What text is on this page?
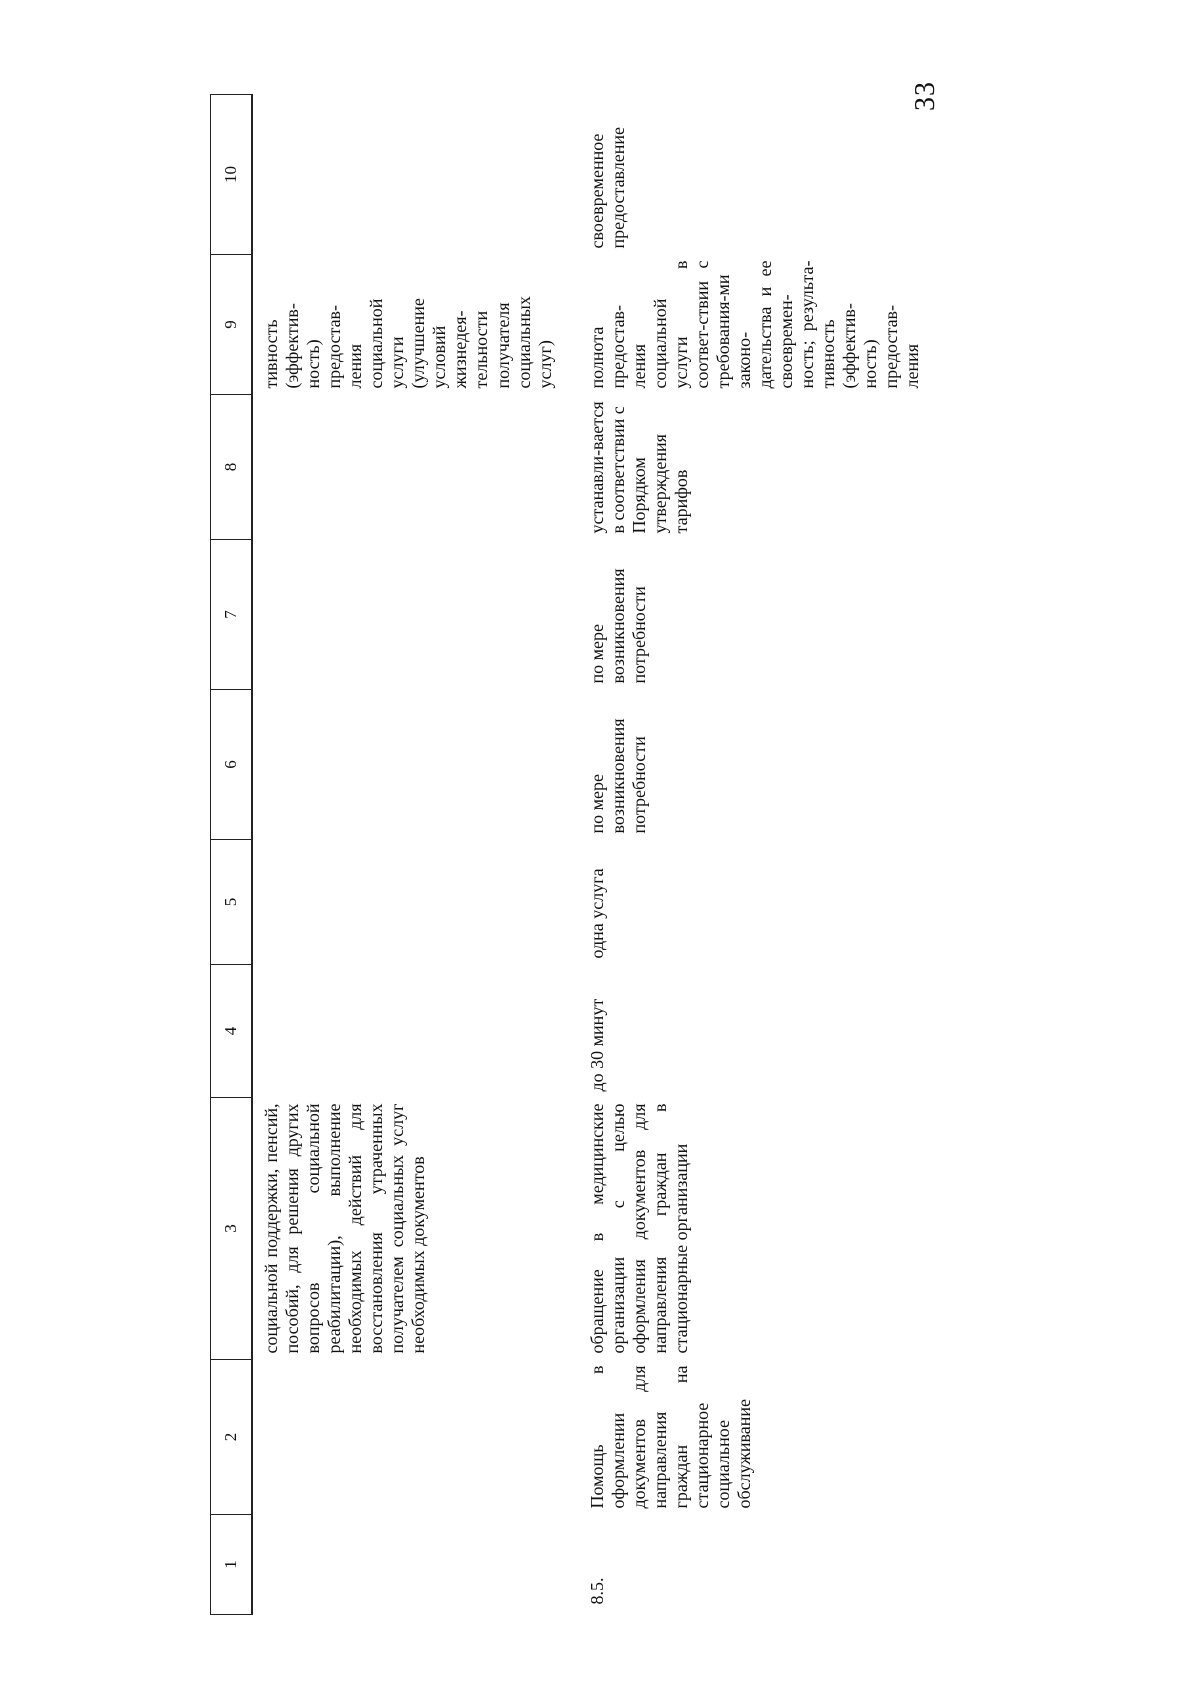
33
1	2	3	4	5	6	7	8	9	10
		социальной поддержки, пенсий, пособий, для решения других вопросов социальной реабилитации), выполнение необходимых действий для восстановления утраченных получателем социальных услуг необходимых документов						тивность (эффектив-ность) предостав-ления социальной услуги (улучшение условий жизнедея-тельности получателя социальных услуг)	
8.5.	Помощь в оформлении документов для направления граждан на стационарное социальное обслуживание	обращение в медицинские организации с целью оформления документов для направления граждан в стационарные организации	до 30 минут	одна услуга	по мере возникновения потребности	по мере возникновения потребности	устанавли-вается в соответствии с Порядком утверждения тарифов	полнота предостав-ления социальной услуги в соответ-ствии с требования-ми законо-дательства и ее своевремен-ность; результа-тивность (эффектив-ность) предостав-ления	своевременное предоставление
